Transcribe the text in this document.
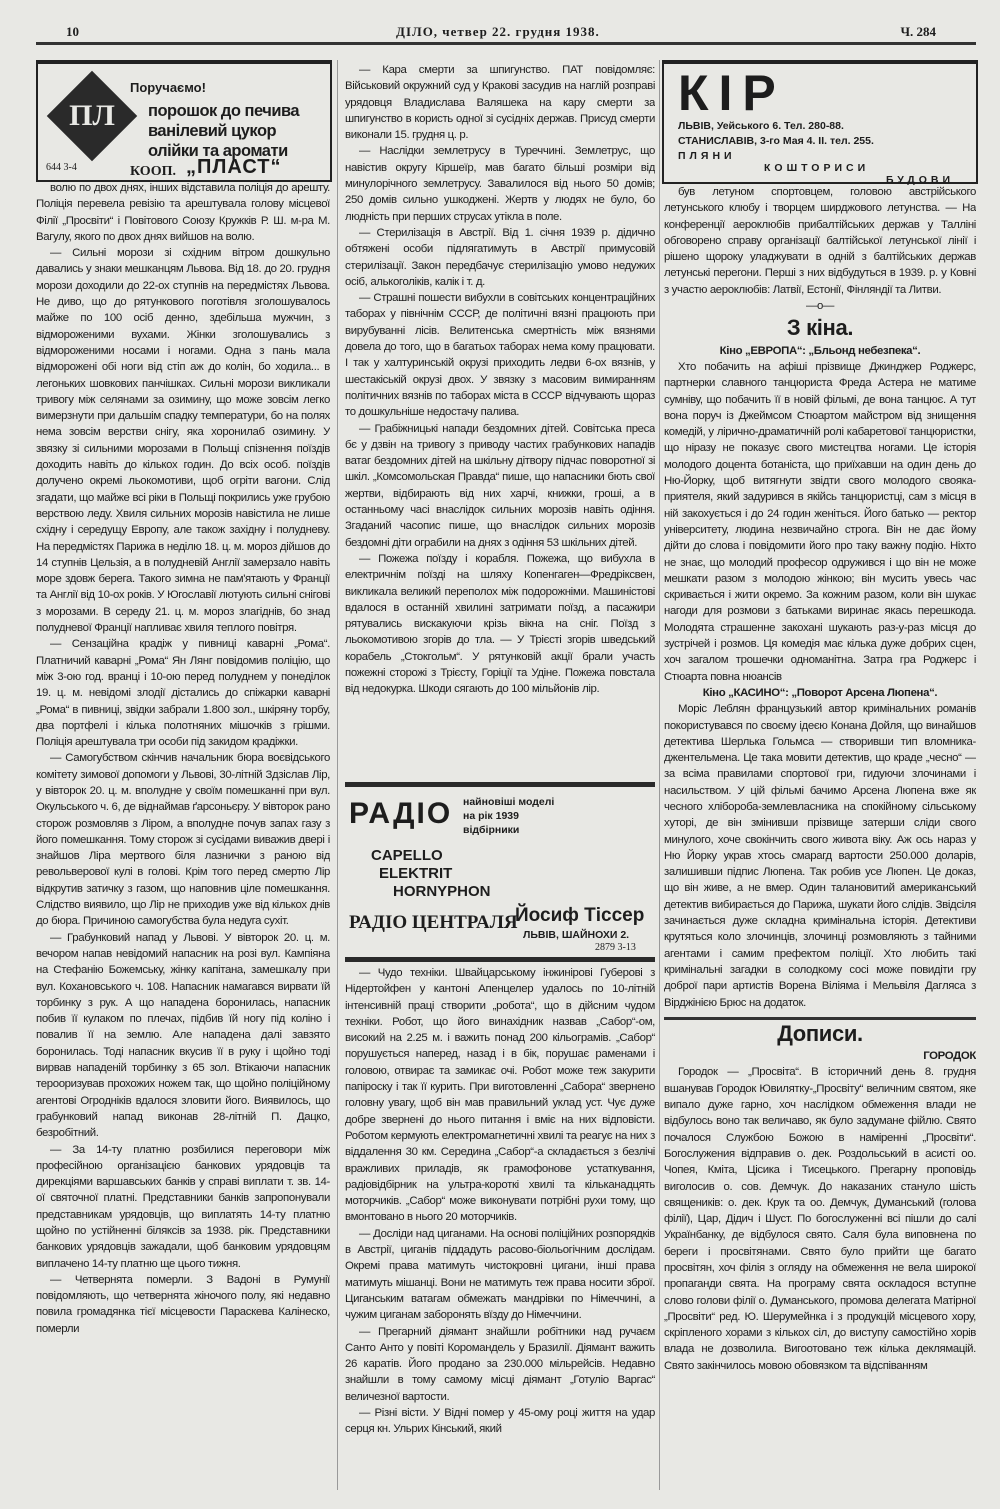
10	ДІЛО, четвер 22. грудня 1938.	Ч. 284
ПЛ
Поручаємо!
порошок до печива
ванілевий цукор
олійки та аромати
КООП. „ПЛАСТ“
644 3-4
КІР
ЛЬВІВ, Уейського 6. Тел. 280-88.
СТАНИСЛАВІВ, 3-го Мая 4. II. тел. 255.
ПЛЯНИ
КОШТОРИСИ
БУДОВИ

волю по двох днях, інших відставила поліція до арешту. Поліція перевела ревізію та арештувала голову місцевої Філії „Просвіти“ і Повітового Союзу Кружків Р. Ш. м-ра М. Вагулу, якого по двох днях вийшов на волю.

— Сильні морози зі східним вітром дошкульно давались у знаки мешканцям Львова. Від 18. до 20. грудня морози доходили до 22-ох ступнів на передмістях Львова. Не диво, що до рятункового поготівля зголошувалось майже по 100 осіб денно, здебільша мужчин, з відмороженими вухами. Жінки зголошувались з відмороженими носами і ногами. Одна з пань мала відморожені обі ноги від стіп аж до колін, бо ходила... в легоньких шовкових панчішках. Сильні морози викликали тривогу між селянами за озимину, що може зовсім легко вимерзнути при дальшім спадку температури, бо на полях нема зовсім верстви снігу, яка хоронилаб озимину. У звязку зі сильними морозами в Польщі спізнення поїздів доходить навіть до кількох годин. До всіх особ. поїздів долучено окремі льокомотиви, щоб огріти вагони. Слід згадати, що майже всі ріки в Польщі покрились уже грубою верствою леду. Хвиля сильних морозів навістила не лише східну і середущу Европу, але також західну і полудневу. На передмістях Парижа в неділю 18. ц. м. мороз дійшов до 14 ступнів Цельзія, а в полудневій Англії замерзало навіть море здовж берега. Такого зимна не пам'ятають у Франції та Англії від 10-ох років. У Югославії лютують сильні снігові з морозами. В середу 21. ц. м. мороз злагіднів, бо знад полудневої Франції напливає хвиля теплого повітря.

— Сензаційна крадіж у пивниці каварні „Рома“. Платничий каварні „Рома“ Ян Лянг повідомив поліцію, що між 3-ою год. вранці і 10-ою перед полуднем у понеділок 19. ц. м. невідомі злодії дістались до спіжарки каварні „Рома“ в пивниці, звідки забрали 1.800 зол., шкіряну торбу, два портфелі і кілька полотняних мішочків з грішми. Поліція арештувала три особи під закидом крадіжки.

— Самогубством скінчив начальник бюра воєвідського комітету зимової допомоги у Львові, 30-літній Здзіслав Лір, у вівторок 20. ц. м. вполудне у своїм помешканні при вул. Окульського ч. 6, де віднаймав ґарсоньєру. У вівторок рано сторож розмовляв з Ліром, а вполудне почув запах газу з його помешкання. Тому сторож зі сусідами виважив двері і знайшов Ліра мертвого біля лазнички з раною від револьверової кулі в голові. Крім того перед смертю Лір відкрутив затичку з газом, що наповнив ціле помешкання. Слідство виявило, що Лір не приходив уже від кількох днів до бюра. Причиною самогубства була недуга сухіт.

— Грабунковий напад у Львові. У вівторок 20. ц. м. вечором напав невідомий напасник на розі вул. Кампіяна на Стефанію Божемську, жінку капітана, замешкалу при вул. Кохановського ч. 108. Напасник намагався вирвати їй торбинку з рук. А що нападена боронилась, напасник побив її кулаком по плечах, підбив їй ногу під коліно і повалив її на землю. Але нападена далі завзято боронилась. Тоді напасник вкусив її в руку і щойно тоді вирвав нападеній торбинку з 65 зол. Втікаючи напасник терооризував прохожих ножем так, що щойно поліційному агентові Огродніків вдалося зловити його. Виявилось, що грабунковий напад виконав 28-літній П. Дацко, безробітний.

— За 14-ту платню розбилися переговори між професійною організацією банкових урядовців та дирекціями варшавських банків у справі виплати т. зв. 14-ої святочної платні. Представники банків запропонували представникам урядовців, що виплатять 14-ту платню щойно по устійненні біляксів за 1938. рік. Представники банкових урядовців зажадали, щоб банковим урядовцям виплачено 14-ту платню ще цього тижня.

— Четвернята померли. З Вадоні в Румунії повідомляють, що четвернята жіночого полу, які недавно повила громадянка тієї місцевости Параскева Калінеско, померли

— Кара смерти за шпигунство. ПАТ повідомляє: Військовий окружний суд у Кракові засудив на наглій розправі урядовця Владислава Валяшека на кару смерти за шпигунство в користь одної зі сусідніх держав. Присуд смерти виконали 15. грудня ц. р.

— Наслідки землетрусу в Туреччині. Землетрус, що навістив округу Кіршеїр, мав багато більші розміри від минулорічного землетрусу. Завалилося від нього 50 домів; 250 домів сильно ушкоджені. Жертв у людях не було, бо людність при перших струсах утікла в поле.

— Стерилізація в Австрії. Від 1. січня 1939 р. дідично обтяжені особи підлягатимуть в Австрії примусовій стерилізації. Закон передбачує стерилізацію умово недужих осіб, алькоголіків, калік і т. д.

— Страшні пошести вибухли в совітських концентраційних таборах у північнім СССР, де політичні вязні працюють при вирубуванні лісів. Велитенська смертність між вязнями довела до того, що в багатьох таборах нема кому працювати. І так у халтуринській окрузі приходить ледви 6-ох вязнів, у шестакіській окрузі двох. У звязку з масовим вимиранням політичних вязнів по таборах міста в СССР відчувають щораз то дошкульніше недостачу палива.

— Грабіжницькі напади бездомних дітей. Совітська преса бє у дзвін на тривогу з приводу частих грабункових нападів ватаг бездомних дітей на шкільну дітвору підчас поворотної зі шкіл. „Комсомольская Правда“ пише, що напасники бють свої жертви, відбирають від них харчі, книжки, гроші, а в останньому часі внаслідок сильних морозів навіть одіння. Згаданий часопис пише, що внаслідок сильних морозів бездомні діти ограбили на днях з одіння 53 шкільних дітей.

— Пожежа поїзду і корабля. Пожежа, що вибухла в електричнім поїзді на шляху Копенгаген—Фредріксвен, викликала великий переполох між подорожніми. Машиністові вдалося в останній хвилині затримати поїзд, а пасажири рятувались вискакуючи крізь вікна на сніг. Поїзд з льокомотивою згорів до тла. — У Трієсті згорів шведський корабель „Стокгольм“. У рятунковій акції брали участь пожежні сторожі з Трієсту, Горіції та Удіне. Пожежа повстала від недокурка. Шкоди сягають до 100 мільйонів лір.

РАДІО найновіші моделі
на рік 1939
відбірники
CAPELLO
ELEKTRIT
HORNYPHON
РАДІО ЦЕНТРАЛЯ
Йосиф Тіссер
ЛЬВІВ, ШАЙНОХИ 2.
2879 3-13

— Чудо техніки. Швайцарському інжинірові Губерові з Нідертойфен у кантоні Апенцелер удалось по 10-літній інтенсивній праці створити „робота“, що в дійсним чудом техніки. Робот, що його винахідник назвав „Сабор“-ом, високий на 2.25 м. і важить понад 200 кільограмів. „Сабор“ порушується наперед, назад і в бік, порушає раменами і головою, отвирає та замикає очі. Робот може теж закурити папіроску і так її курить. При виготовленні „Сабора“ звернено головну увагу, щоб він мав правильний уклад уст. Чує дуже добре звернені до нього питання і вміє на них відповісти. Роботом кермують електромагнетичні хвилі та реагує на них з віддалення 30 км. Середина „Сабор“-а складається з безлічі вражливих приладів, як грамофонове устаткування, радіовідбірник на ультра-короткі хвилі та кільканадцять моторчиків. „Сабор“ може виконувати потрібні рухи тому, що вмонтовано в нього 20 моторчиків.

— Досліди над циганами. На основі поліційних розпорядків в Австрії, циганів піддадуть расово-біольогічним дослідам. Окремі права матимуть чистокровні цигани, інші права матимуть мішанці. Вони не матимуть теж права носити зброї. Циганським ватагам обмежать мандрівки по Німеччині, а чужим циганам заборонять вїзду до Німеччини.

— Прегарний діямант знайшли робітники над ручаєм Санто Анто у повіті Коромандель у Бразилії. Діямант важить 26 каратів. Його продано за 230.000 мільрейсів. Недавно знайшли в тому самому місці діямант „Готуліо Варгас“ величезної вартости.

— Різні вісти. У Відні помер у 45-ому році життя на удар серця кн. Ульрих Кінський, який

був летуном спортовцем, головою австрійського летунського клюбу і творцем ширджового летунства. — На конференції аероклюбів прибалтійських держав у Талліні обговорено справу організації балтійської летунської лінії і рішено щороку уладжувати в одній з балтійських держав летунські перегони. Перші з них відбудуться в 1939. р. у Ковні з участю аероклюбів: Латвії, Естонії, Фінляндії та Литви.

—o—

З кіна.

Кіно „ЕВРОПА“: „Бльонд небезпека“.

Хто побачить на афіші прізвище Джинджер Роджерс, партнерки славного танцюриста Фреда Астера не матиме сумніву, що побачить її в новій фільмі, де вона танцює. А тут вона поруч із Джеймсом Стюартом майстром від знищення комедій, у лірично-драматичній ролі кабаретової танцюристки, що нiразу не показує свого мистецтва ногами. Це історія молодого доцента ботаніста, що приїхавши на один день до Ню-Йорку, щоб витягнути звідти свого молодого свояка-приятеля, який задурився в якійсь танцюристці, сам з місця в ній закохується і до 24 годин женіться. Його батько — ректор університету, людина незвичайно строга. Він не дає йому дійти до слова і повідомити його про таку важну подію. Ніхто не знає, що молодий професор одружився і що він не може мешкати разом з молодою жінкою; він мусить увесь час скривається і жити окремо. За кожним разом, коли він шукає нагоди для розмови з батьками виринає якась перешкода. Молодята страшенне закохані шукають раз-у-раз місця до зустрічей і розмов. Ця комедія має кілька дуже добрих сцен, хоч загалом трошечки одноманітна. Затра гра Роджерс і Стюарта повна нюансів

Кіно „КАСИНО“: „Поворот Арсена Люпена“.

Моріс Леблян французький автор кримінальних романів покористувався по своєму ідеєю Конана Дойля, що винайшов детектива Шерлька Гольмса — створивши тип вломника-джентельмена. Це така мовити детектив, що краде „чесно“ — за всіма правилами спортової гри, гидуючи злочинами і насильством. У цій фільмі бачимо Арсена Люпена вже як чесного хлібороба-землевласника на спокійному сільському хуторі, де він змінивши прізвище затерши сліди свого минулого, хоче свокінчить свого живота віку. Аж ось нараз у Ню Йорку украв хтось смарагд вартости 250.000 доларів, залишивши підпис Люпена. Так робив усе Люпен. Це доказ, що він живе, а не вмер. Один талановитий американський детектив вибирається до Парижа, шукати його слідів. Звідсіля зачинається дуже складна кримінальна історія. Детективи крутяться коло злочинців, злочинці розмовляють з тайними агентами і самим префектом поліції. Хто любить такі кримінальні загадки в солодкому сосі може повидіти гру доброї пари артистів Ворена Віліяма і Мельвіля Дагляса з Вірджінією Брюс на додаток.

Дописи.

ГОРОДОК

Городок — „Просвіта“. В історичний день 8. грудня вшанував Городок Ювилятку-„Просвіту“ величним святом, яке випало дуже гарно, хоч наслідком обмеження влади не відбулось воно так величаво, як було задумане фійлю. Свято почалося Службою Божою в наміренні „Просвіти“. Богослужения відправив о. дек. Роздольський в асисті оо. Чопея, Кміта, Цісика і Тисецького. Прегарну проповідь виголосив о. сов. Демчук. До наказаних стануло шість священиків: о. дек. Крук та оо. Демчук, Думанський (голова філії), Цар, Дідич і Шуст. По богослуженні всі пішли до салі Українбанку, де відбулося свято. Саля була виповнена по береги і просвітянами. Свято було прийти ще багато просвітян, хоч філія з огляду на обмеження не вела широкої пропаганди свята. На програму свята оскладося вступне слово голови філії о. Думанського, промова делегата Матірної „Просвіти“ ред. Ю. Шерумейнка і з продукцій місцевого хору, скріпленого хорами з кількох сіл, до виступу самостійно хорів влада не дозволила. Вигоотовано теж кілька деклямацій. Свято закінчилось мовою обовязком та відспіванням
